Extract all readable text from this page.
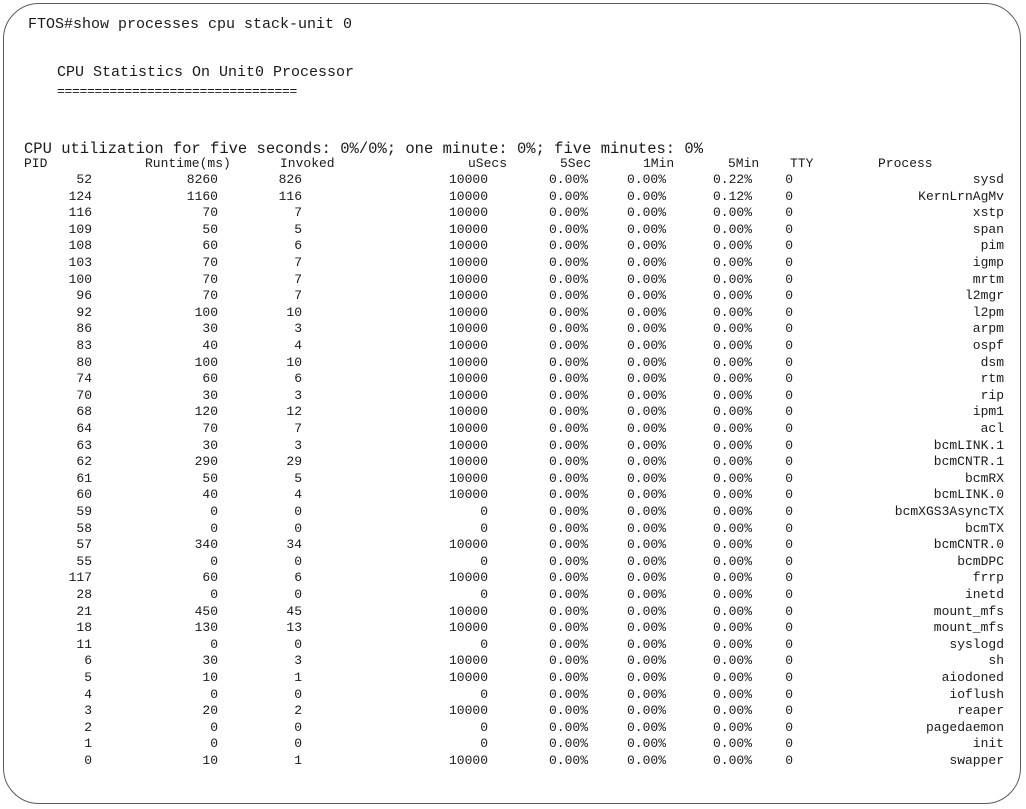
FTOS#show processes cpu stack-unit 0
CPU Statistics On Unit0 Processor
================================
CPU utilization for five seconds: 0%/0%; one minute: 0%; five minutes: 0%
PID	Runtime(ms)	Invoked	uSecs	5Sec	1Min	5Min TTY	Process
52	8260	826	10000	0.00%	0.00%	0.22%	0	sysd
124	1160	116	10000	0.00%	0.00%	0.12%	0	KernLrnAgMv
116	70	7	10000	0.00%	0.00%	0.00%	0	xstp
109	50	5	10000	0.00%	0.00%	0.00%	0	span
108	60	6	10000	0.00%	0.00%	0.00%	0	pim
103	70	7	10000	0.00%	0.00%	0.00%	0	igmp
100	70	7	10000	0.00%	0.00%	0.00%	0	mrtm
96	70	7	10000	0.00%	0.00%	0.00%	0	l2mgr
92	100	10	10000	0.00%	0.00%	0.00%	0	l2pm
86	30	3	10000	0.00%	0.00%	0.00%	0	arpm
83	40	4	10000	0.00%	0.00%	0.00%	0	ospf
80	100	10	10000	0.00%	0.00%	0.00%	0	dsm
74	60	6	10000	0.00%	0.00%	0.00%	0	rtm
70	30	3	10000	0.00%	0.00%	0.00%	0	rip
68	120	12	10000	0.00%	0.00%	0.00%	0	ipm1
64	70	7	10000	0.00%	0.00%	0.00%	0	acl
63	30	3	10000	0.00%	0.00%	0.00%	0	bcmLINK.1
62	290	29	10000	0.00%	0.00%	0.00%	0	bcmCNTR.1
61	50	5	10000	0.00%	0.00%	0.00%	0	bcmRX
60	40	4	10000	0.00%	0.00%	0.00%	0	bcmLINK.0
59	0	0	0	0.00%	0.00%	0.00%	0	bcmXGS3AsyncTX
58	0	0	0	0.00%	0.00%	0.00%	0	bcmTX
57	340	34	10000	0.00%	0.00%	0.00%	0	bcmCNTR.0
55	0	0	0	0.00%	0.00%	0.00%	0	bcmDPC
117	60	6	10000	0.00%	0.00%	0.00%	0	frrp
28	0	0	0	0.00%	0.00%	0.00%	0	inetd
21	450	45	10000	0.00%	0.00%	0.00%	0	mount_mfs
18	130	13	10000	0.00%	0.00%	0.00%	0	mount_mfs
11	0	0	0	0.00%	0.00%	0.00%	0	syslogd
6	30	3	10000	0.00%	0.00%	0.00%	0	sh
5	10	1	10000	0.00%	0.00%	0.00%	0	aiodoned
4	0	0	0	0.00%	0.00%	0.00%	0	ioflush
3	20	2	10000	0.00%	0.00%	0.00%	0	reaper
2	0	0	0	0.00%	0.00%	0.00%	0	pagedaemon
1	0	0	0	0.00%	0.00%	0.00%	0	init
0	10	1	10000	0.00%	0.00%	0.00%	0	swapper
